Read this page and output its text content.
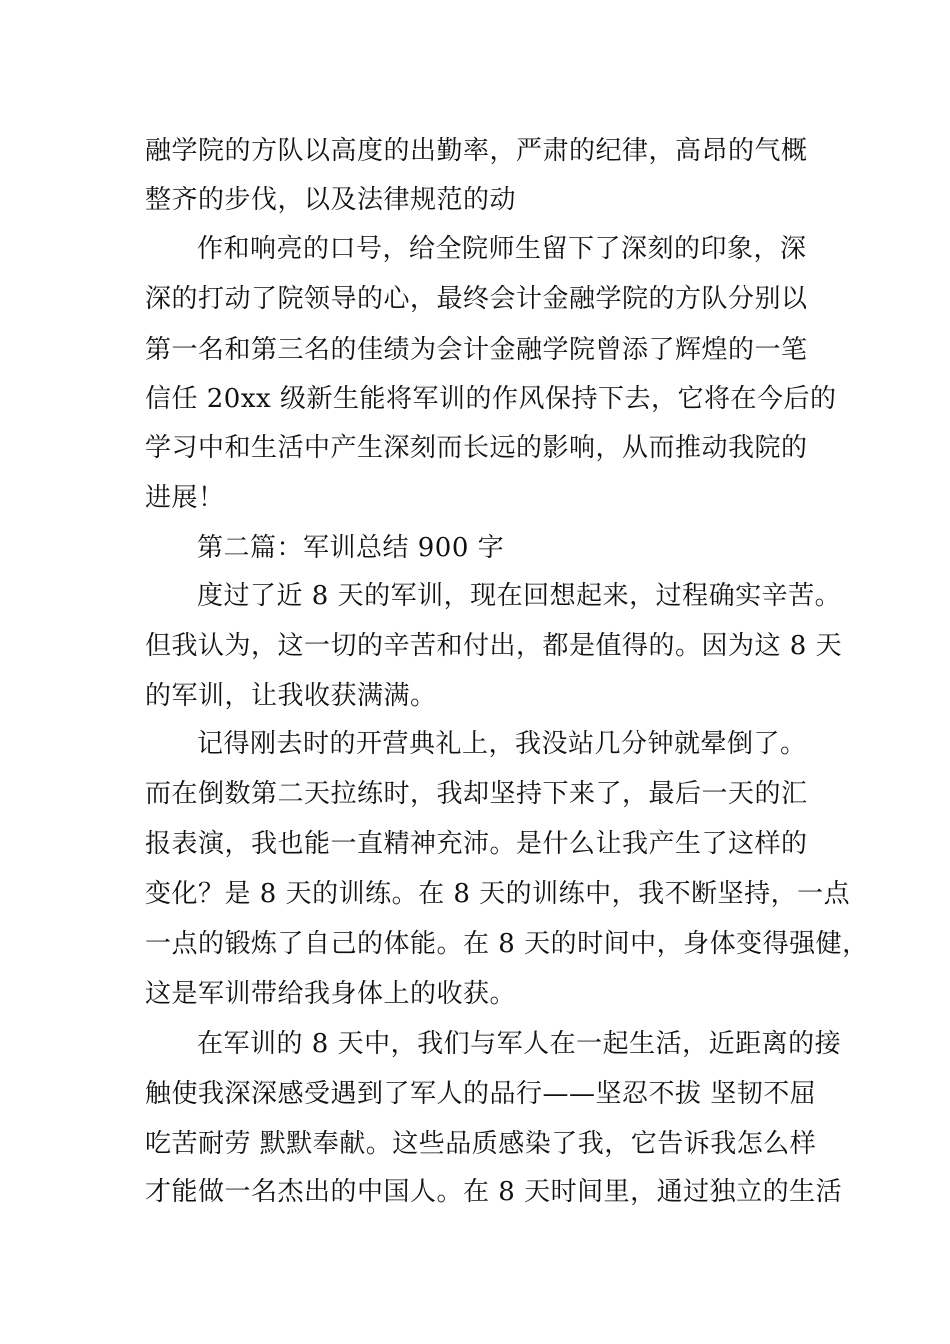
融学院的方队以高度的出勤率，严肃的纪律，高昂的气概
整齐的步伐，以及法律规范的动
作和响亮的口号，给全院师生留下了深刻的印象，深
深的打动了院领导的心，最终会计金融学院的方队分别以
第一名和第三名的佳绩为会计金融学院曾添了辉煌的一笔
信任 20xx 级新生能将军训的作风保持下去，它将在今后的
学习中和生活中产生深刻而长远的影响，从而推动我院的
进展！
第二篇：军训总结 900 字
度过了近 8 天的军训，现在回想起来，过程确实辛苦。
但我认为，这一切的辛苦和付出，都是值得的。因为这 8 天
的军训，让我收获满满。
记得刚去时的开营典礼上，我没站几分钟就晕倒了。
而在倒数第二天拉练时，我却坚持下来了，最后一天的汇
报表演，我也能一直精神充沛。是什么让我产生了这样的
变化？是 8 天的训练。在 8 天的训练中，我不断坚持，一点
一点的锻炼了自己的体能。在 8 天的时间中，身体变得强健，
这是军训带给我身体上的收获。
在军训的 8 天中，我们与军人在一起生活，近距离的接
触使我深深感受遇到了军人的品行——坚忍不拔 坚韧不屈
吃苦耐劳 默默奉献。这些品质感染了我，它告诉我怎么样
才能做一名杰出的中国人。在 8 天时间里，通过独立的生活
